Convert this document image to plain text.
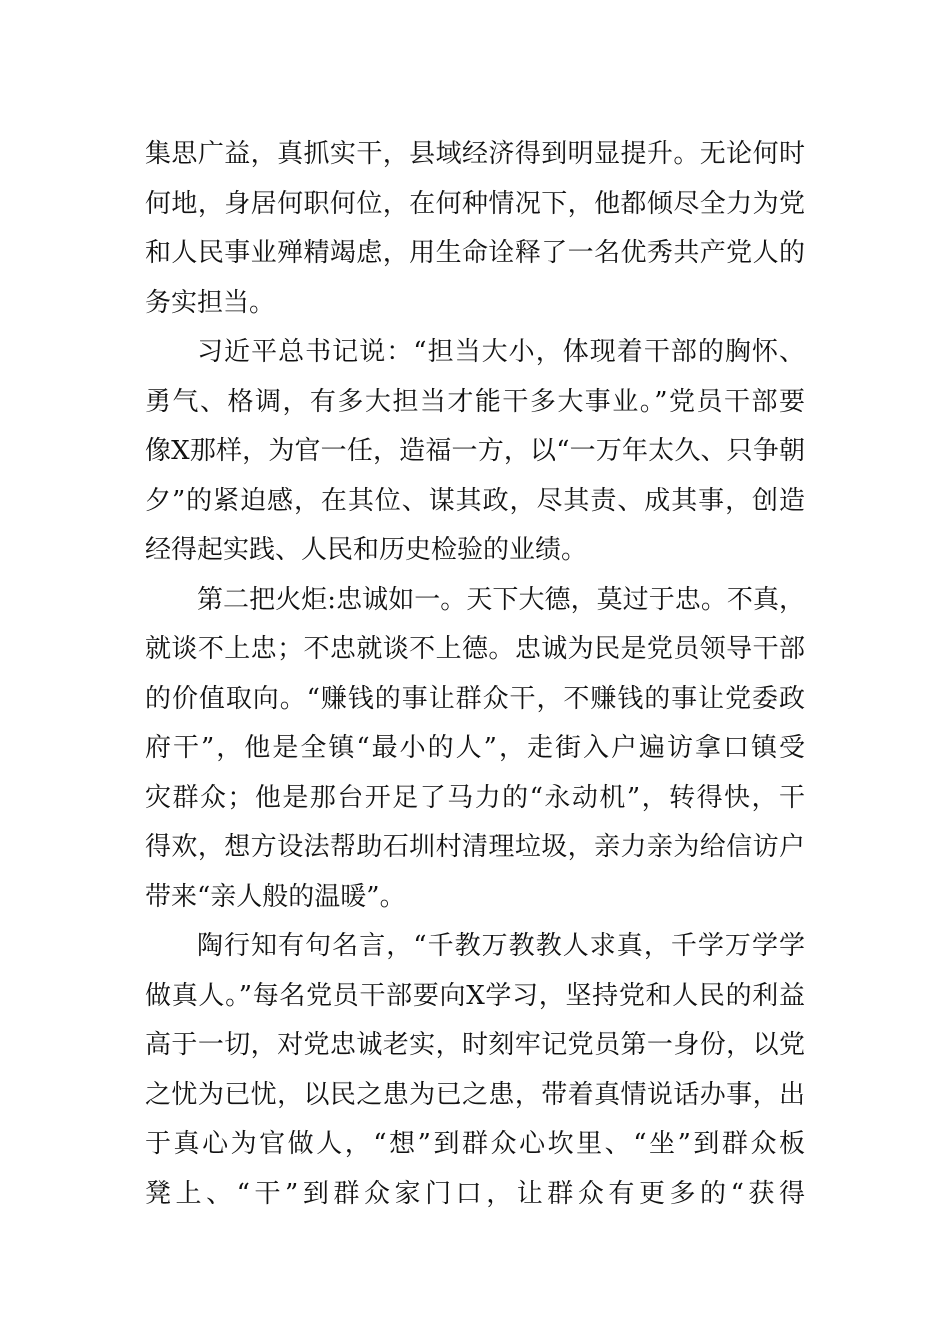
集思广益，真抓实干，县域经济得到明显提升。无论何时
何地，身居何职何位，在何种情况下，他都倾尽全力为党
和人民事业殚精竭虑，用生命诠释了一名优秀共产党人的
务实担当。
习近平总书记说：“担当大小，体现着干部的胸怀、
勇气、格调，有多大担当才能干多大事业。”党员干部要
像X那样，为官一任，造福一方，以“一万年太久、只争朝
夕”的紧迫感，在其位、谋其政，尽其责、成其事，创造
经得起实践、人民和历史检验的业绩。
第二把火炬:忠诚如一。天下大德，莫过于忠。不真，
就谈不上忠；不忠就谈不上德。忠诚为民是党员领导干部
的价值取向。“赚钱的事让群众干，不赚钱的事让党委政
府干”，他是全镇“最小的人”，走街入户遍访拿口镇受
灾群众；他是那台开足了马力的“永动机”，转得快，干
得欢，想方设法帮助石圳村清理垃圾，亲力亲为给信访户
带来“亲人般的温暖”。
陶行知有句名言，“千教万教教人求真，千学万学学
做真人。”每名党员干部要向X学习，坚持党和人民的利益
高于一切，对党忠诚老实，时刻牢记党员第一身份，以党
之忧为已忧，以民之患为已之患，带着真情说话办事，出
于真心为官做人，“想”到群众心坎里、“坐”到群众板
凳上、“干”到群众家门口，让群众有更多的“获得
